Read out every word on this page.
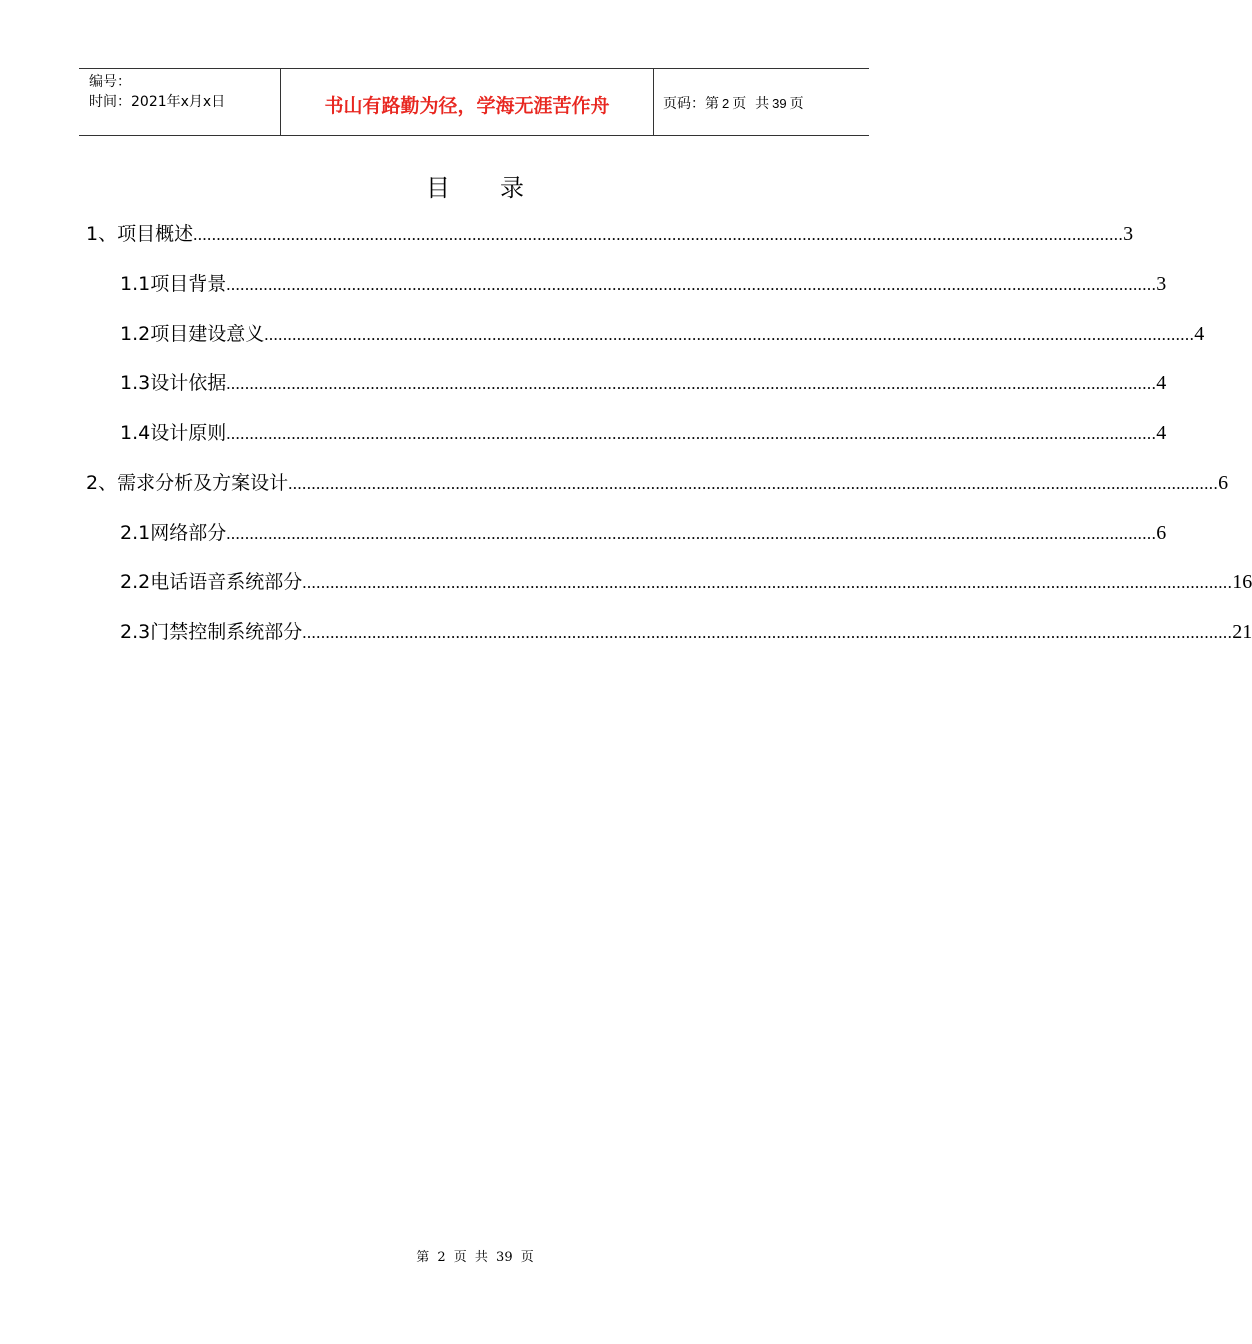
编号：
时间：2021年x月x日	书山有路勤为径，学海无涯苦作舟	页码：第 2 页  共 39 页
目录
1、项目概述 ........................................................................................................................................................................................................ 3
1.1项目背景 ........................................................................................................................................................................................................ 3
1.2项目建设意义 ........................................................................................................................................................................................................ 4
1.3设计依据 ........................................................................................................................................................................................................ 4
1.4设计原则 ........................................................................................................................................................................................................ 4
2、需求分析及方案设计 ........................................................................................................................................................................................................ 6
2.1网络部分 ........................................................................................................................................................................................................ 6
2.2电话语音系统部分 ........................................................................................................................................................................................................ 16
2.3门禁控制系统部分 ........................................................................................................................................................................................................ 21
第 2 页 共 39 页
